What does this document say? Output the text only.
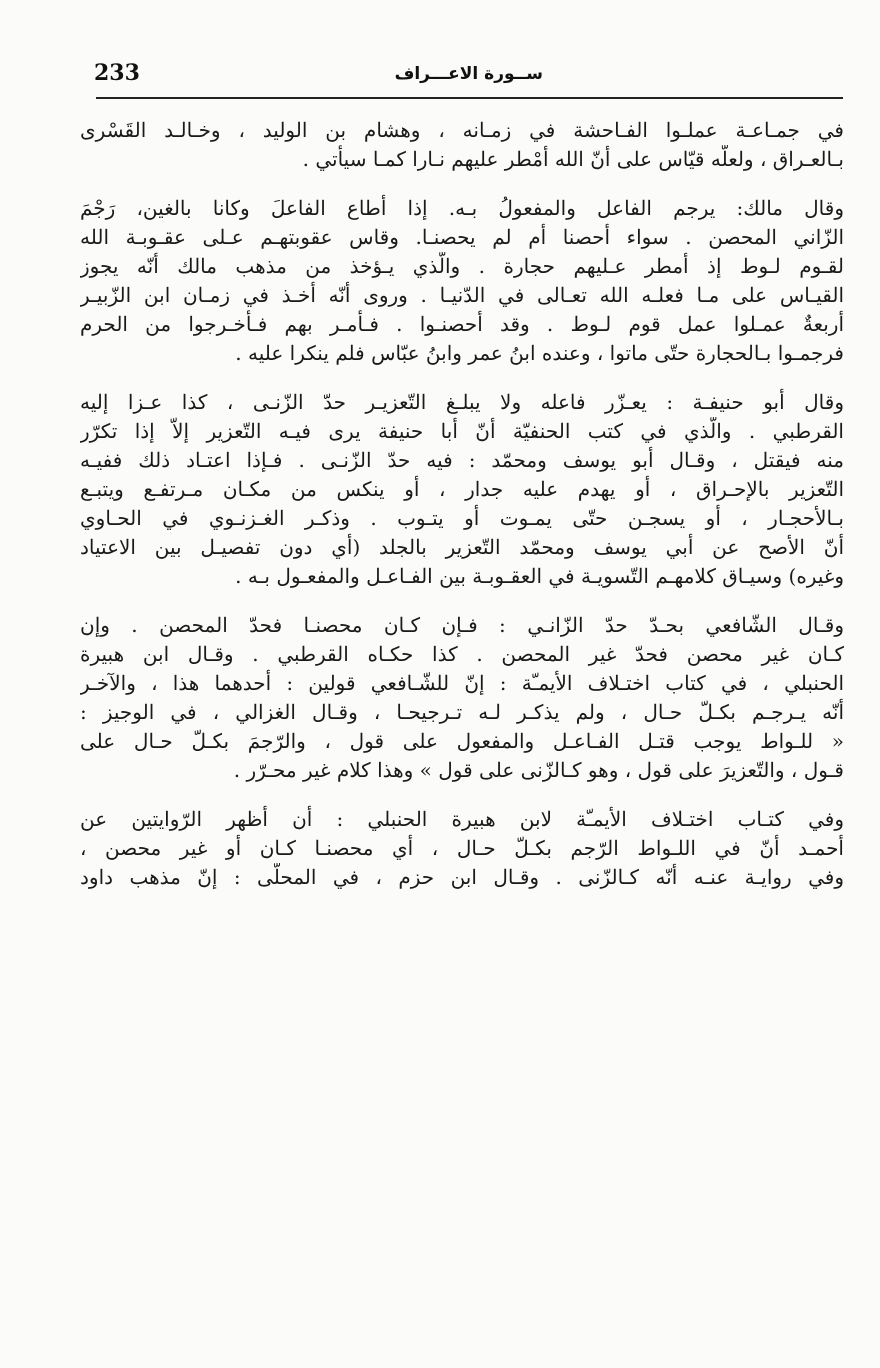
233	ســورة الاعـــراف
في جمـاعـة عملـوا الفـاحشة في زمـانه ، وهشام بن الوليد ، وخـالـد القَسْرى
بـالعـراق ، ولعلّه قيّاس على أنّ الله أمْطر عليهم نـارا كمـا سيأتي .
وقال مالك: يرجم الفاعل والمفعولُ بـه. إذا أطاع الفاعلَ وكانا بالغين، رَجْمَ
الزّاني المحصن . سواء أحصنا أم لم يحصنـا. وقاس عقوبتهـم عـلى عقـوبـة الله
لقـوم لـوط إذ أمطر عـليهم حجارة . والّذي يـؤخذ من مذهب مالك أنّه يجوز
القيـاس على مـا فعلـه الله تعـالى في الدّنيـا . وروى أنّه أخـذ في زمـان ابن الزّبيـر
أربعةٌ عمـلوا عمل قوم لـوط . وقد أحصنـوا . فـأمـر بهم فـأخـرجوا من الحرم
فرجمـوا بـالحجارة حتّى ماتوا ، وعنده ابنُ عمر وابنُ عبّاس فلم ينكرا عليه .
وقال أبو حنيفـة : يعـزّر فاعله ولا يبلـغ التّعزيـر حدّ الزّنـى ، كذا عـزا إليه
القرطبي . والّذي في كتب الحنفيّة أنّ أبا حنيفة يرى فيـه التّعزير إلاّ إذا تكرّر
منه فيقتل ، وقـال أبو يوسف ومحمّد : فيه حدّ الزّنـى . فـإذا اعتـاد ذلك ففيـه
التّعزير بالإحـراق ، أو يهدم عليه جدار ، أو ينكس من مكـان مـرتفـع ويتبـع
بـالأحجـار ، أو يسجـن حتّى يمـوت أو يتـوب . وذكـر الغـزنـوي في الحـاوي
أنّ الأصح عن أبي يوسف ومحمّد التّعزير بالجلد (أي دون تفصيـل بين الاعتياد
وغيره) وسيـاق كلامهـم التّسويـة في العقـوبـة بين الفـاعـل والمفعـول بـه .
وقـال الشّافعي بحـدّ حدّ الزّانـي : فـإن كـان محصنـا فحدّ المحصن . وإن
كـان غير محصن فحدّ غير المحصن . كذا حكـاه القرطبي . وقـال ابن هبيرة
الحنبلي ، في كتاب اختـلاف الأيمـّة : إنّ للشّـافعي قولين : أحدهما هذا ، والآخـر
أنّه يـرجـم بكـلّ حـال ، ولم يذكـر لـه تـرجيحـا ، وقـال الغزالي ، في الوجيز :
« للـواط يوجب قتـل الفـاعـل والمفعول على قول ، والرّجمَ بكـلّ حـال على
قـول ، والتّعزيرَ على قول ، وهو كـالزّنى على قول » وهذا كلام غير محـرّر .
وفي كتـاب اختـلاف الأيمـّة لابن هبيرة الحنبلي : أن أظهر الرّوايتين عن
أحمـد أنّ في اللـواط الرّجم بكـلّ حـال ، أي محصنـا كـان أو غير محصن ،
وفي روايـة عنـه أنّه كـالزّنى . وقـال ابن حزم ، في المحلّى : إنّ مذهب داود
